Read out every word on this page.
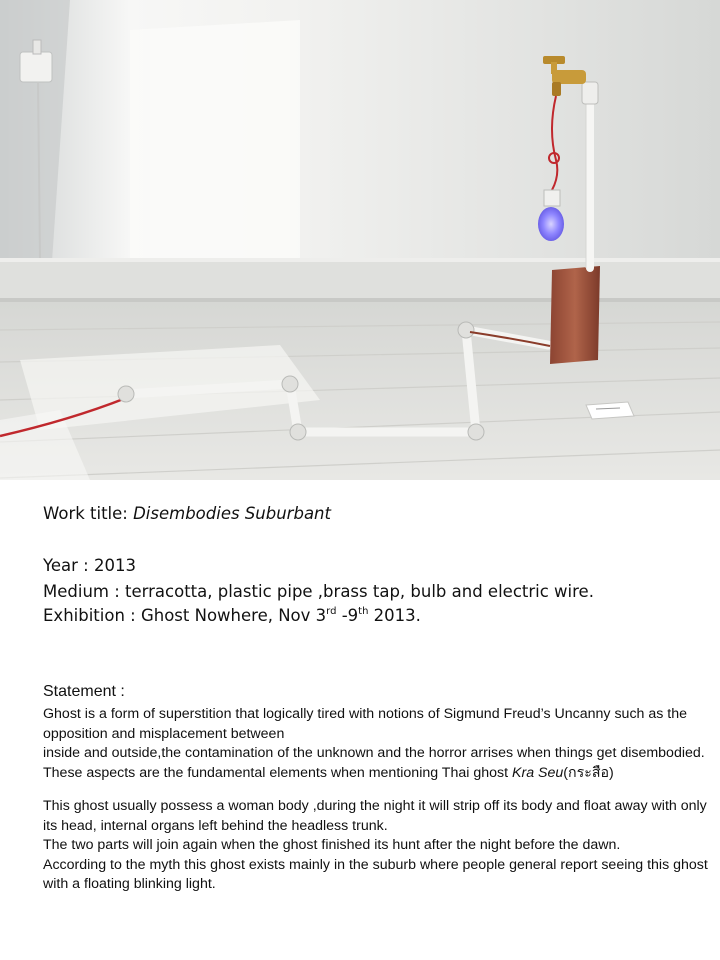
Work title: Disembodies Suburbant
Year : 2013
Medium : terracotta, plastic pipe ,brass tap, bulb and electric wire.
Exhibition : Ghost Nowhere, Nov 3rd -9th 2013.
Statement :

Ghost is a form of superstition that logically tired with notions of Sigmund Freud’s Uncanny such as the opposition and misplacement between

inside and outside,the contamination of the unknown and the horror arrises when things get disembodied.

These aspects are the fundamental elements when mentioning Thai ghost Kra Seu(กระสือ)

This ghost usually possess a woman body ,during the night it will strip off its body and float away with only its head, internal organs left behind the headless trunk.

The two parts will join again when the ghost finished its hunt after the night before the dawn.

According to the myth this ghost exists mainly in the suburb where people general report seeing this ghost with a floating blinking light.
